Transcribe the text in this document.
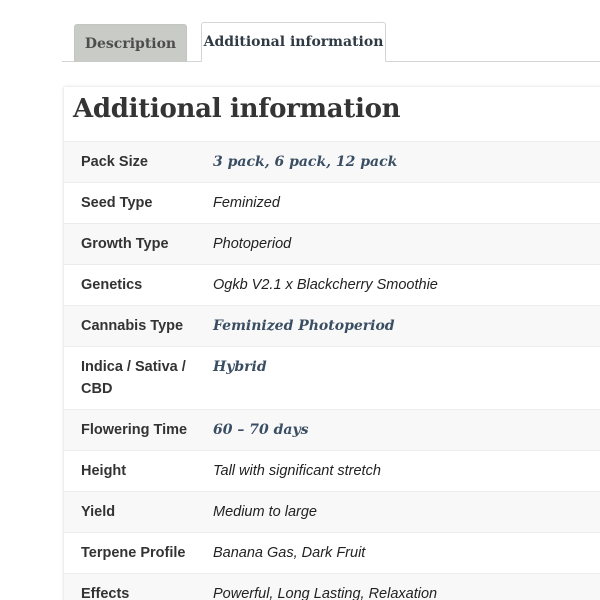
Description	Additional information
Additional information
Pack Size	3 pack, 6 pack, 12 pack
Seed Type	Feminized
Growth Type	Photoperiod
Genetics	Ogkb V2.1 x Blackcherry Smoothie
Cannabis Type	Feminized Photoperiod
Indica / Sativa / CBD	Hybrid
Flowering Time	60 – 70 days
Height	Tall with significant stretch
Yield	Medium to large
Terpene Profile	Banana Gas, Dark Fruit
Effects	Powerful, Long Lasting, Relaxation
